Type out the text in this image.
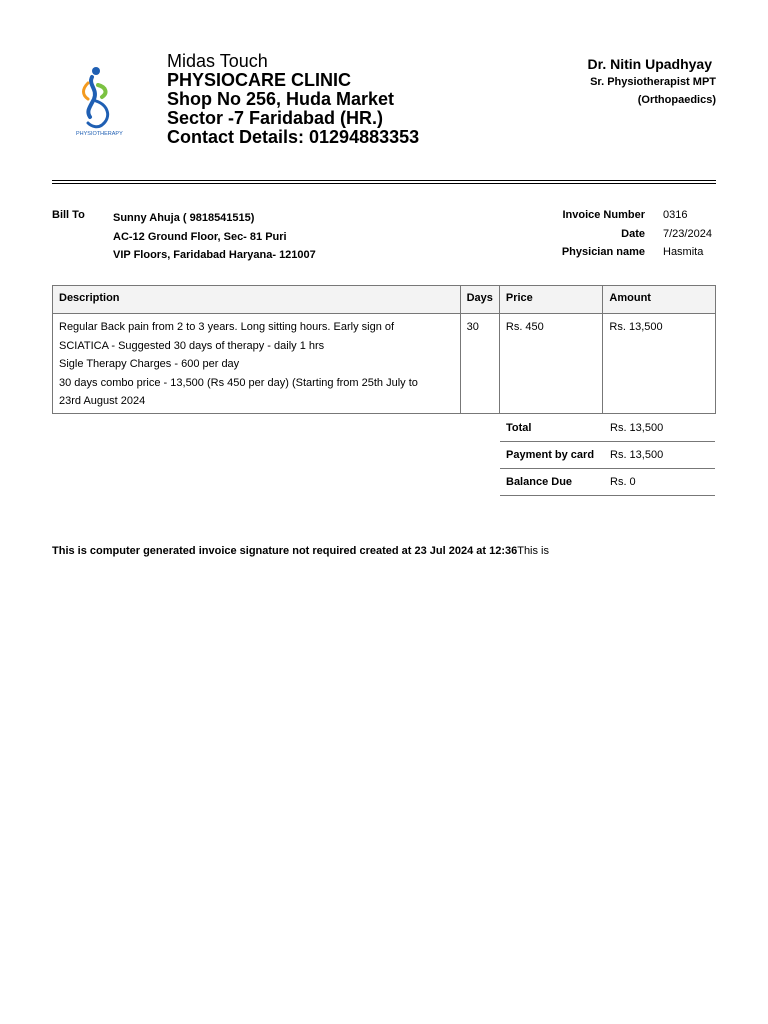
PHYSIOTHERAPY
Midas Touch
PHYSIOCARE CLINIC
Shop No 256, Huda Market
Sector -7 Faridabad (HR.)
Contact Details: 01294883353
Dr. Nitin Upadhyay
Sr. Physiotherapist MPT
(Orthopaedics)
Bill To	Sunny Ahuja ( 9818541515)
AC-12 Ground Floor, Sec- 81 Puri
VIP Floors, Faridabad Haryana- 121007
Invoice Number 0316
Date 7/23/2024
Physician name Hasmita
Description	Days	Price	Amount

Regular Back pain from 2 to 3 years. Long sitting hours. Early sign of
SCIATICA - Suggested 30 days of therapy - daily 1 hrs
Sigle Therapy Charges - 600 per day
30 days combo price - 13,500 (Rs 450 per day) (Starting from 25th July to
23rd August 2024	30	Rs. 450	Rs. 13,500
Total	Rs. 13,500
Payment by card Rs. 13,500
Balance Due	Rs. 0
This is computer generated invoice signature not required created at 23 Jul 2024 at 12:36This is
